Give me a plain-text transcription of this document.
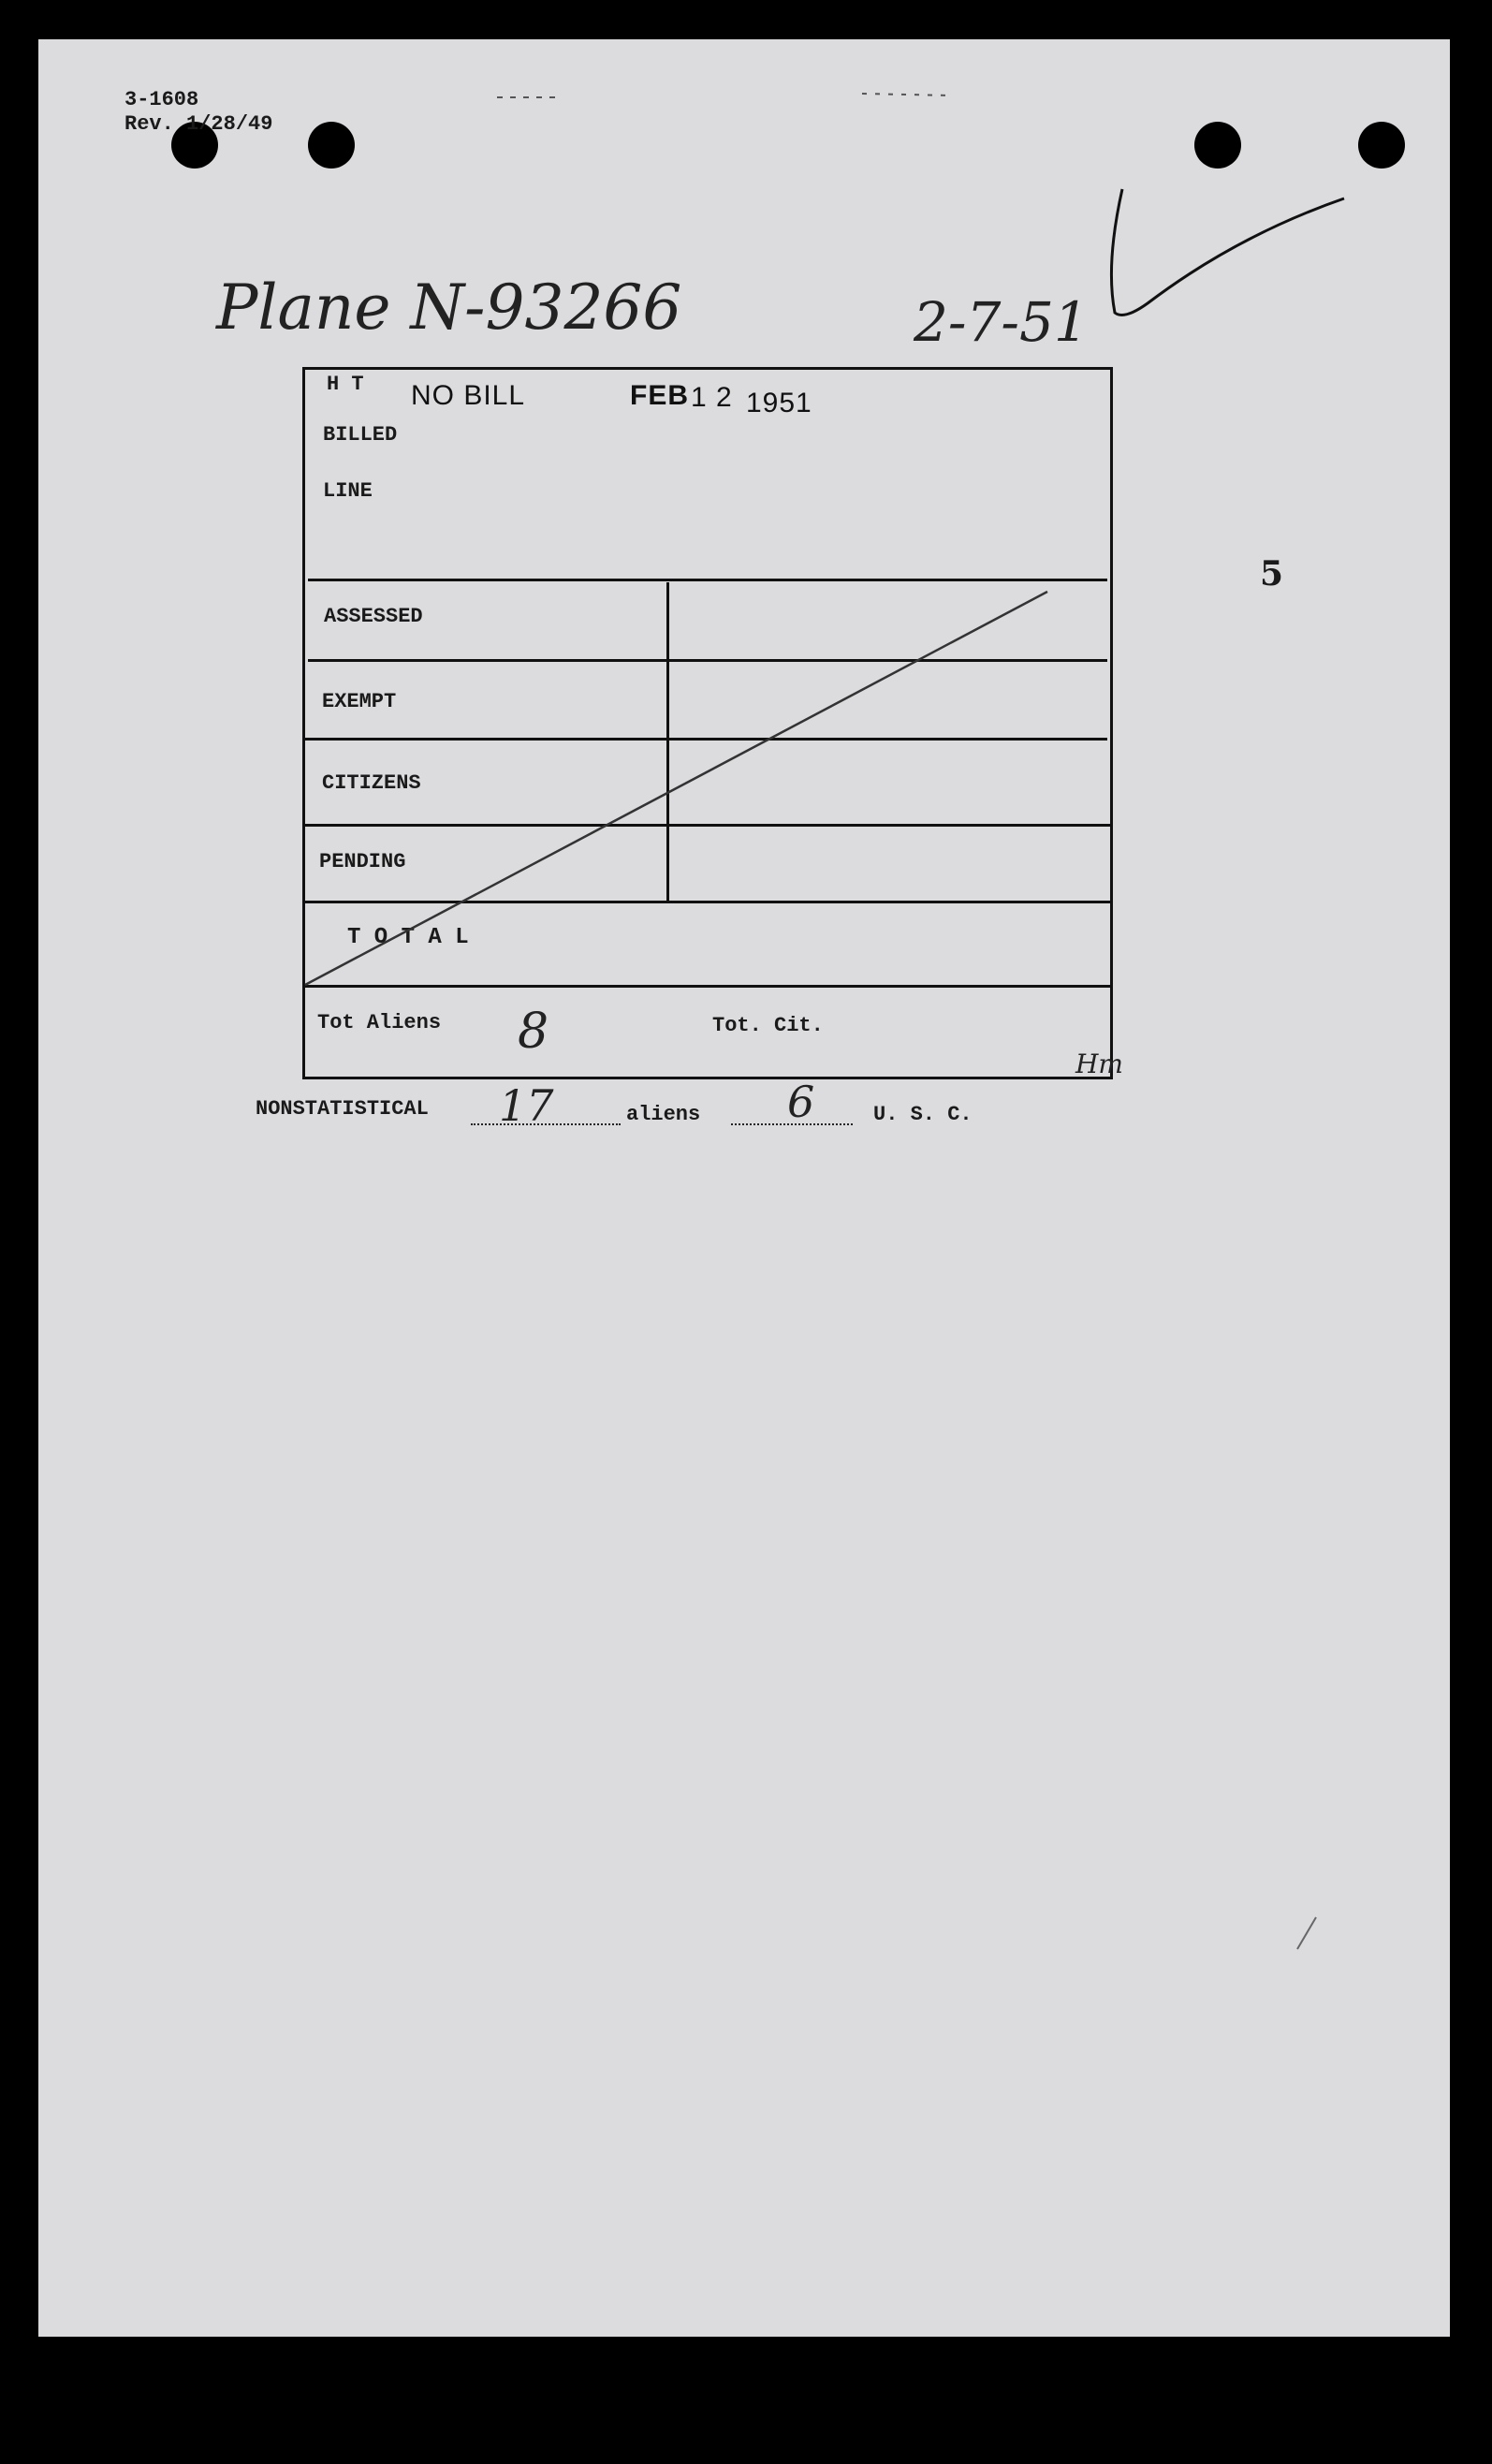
3-1608
Rev. 1/28/49
Plane N-93266	2-7-51
5
NO BILL	FEB 1 2 1951
H T
BILLED
LINE
ASSESSED
EXEMPT
CITIZENS
PENDING
T O T A L
Tot Aliens 8	Tot. Cit.
Hm
NONSTATISTICAL 17	aliens 6	U. S. C.
